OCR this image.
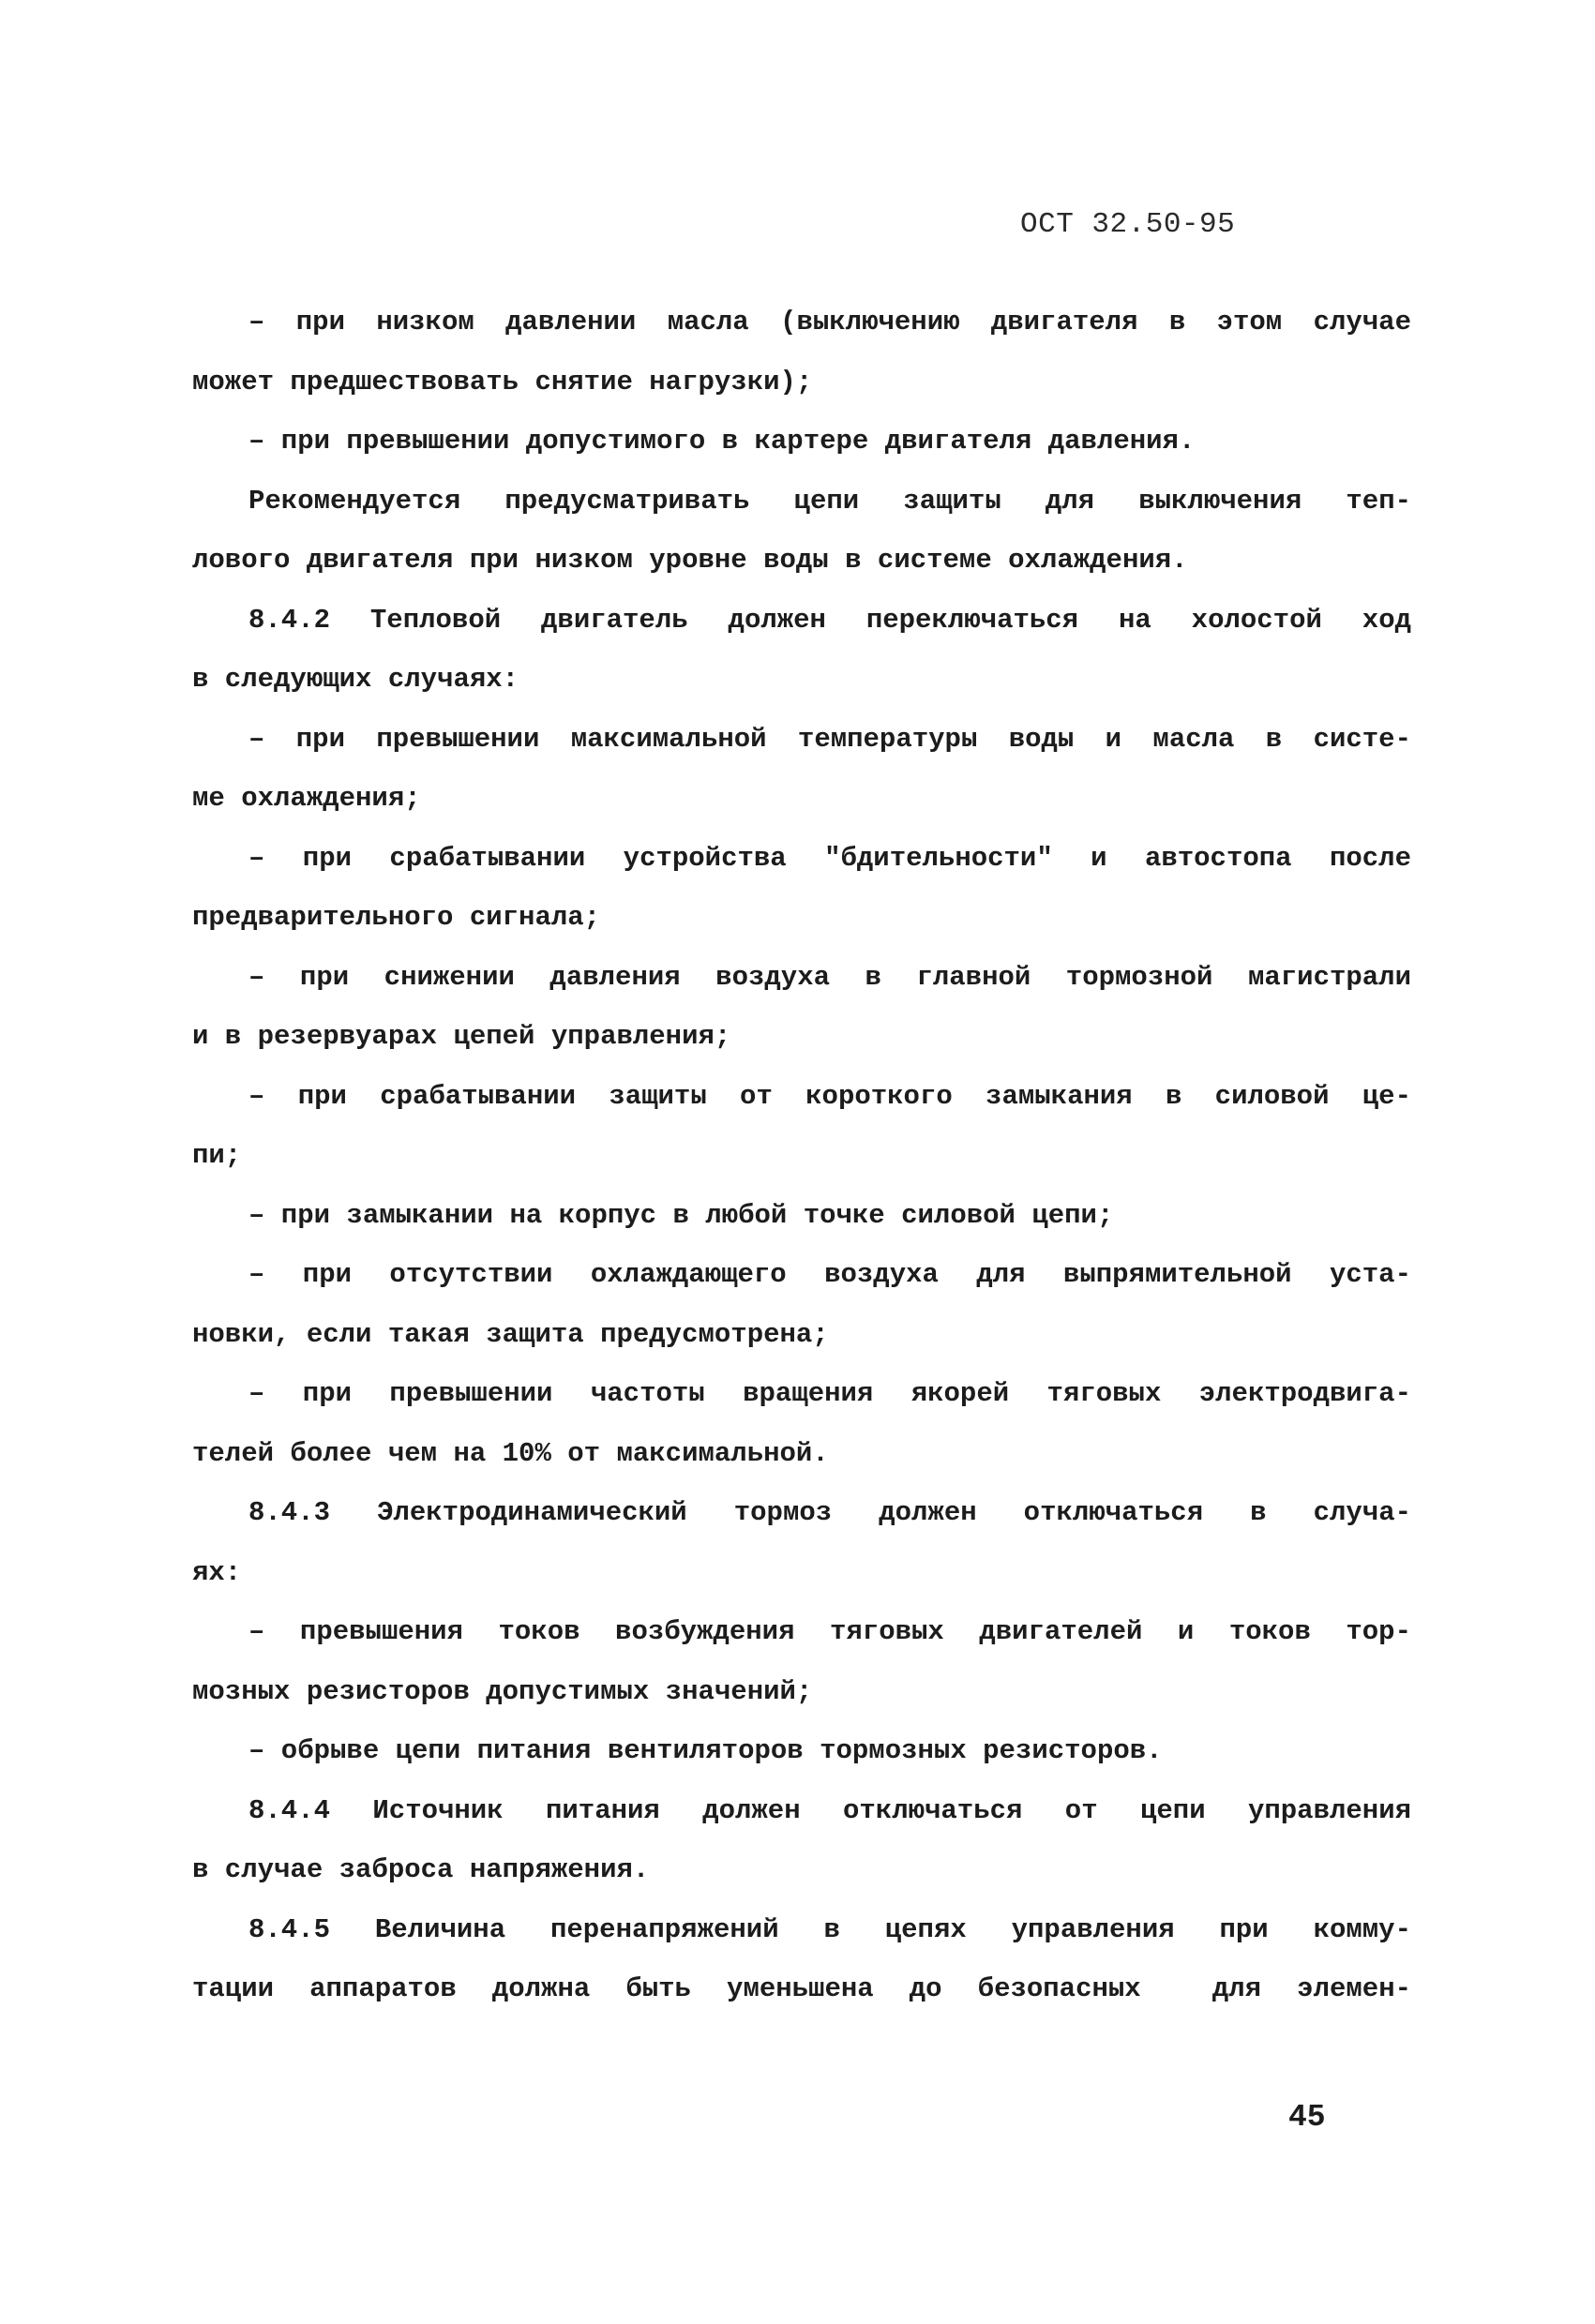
ОСТ 32.50-95
– при низком давлении масла (выключению двигателя в этом случае
может предшествовать снятие нагрузки);
– при превышении допустимого в картере двигателя давления.
Рекомендуется предусматривать цепи защиты для выключения теп-
лового двигателя при низком уровне воды в системе охлаждения.
8.4.2 Тепловой двигатель должен переключаться на холостой ход
в следующих случаях:
– при превышении максимальной температуры воды и масла в систе-
ме охлаждения;
– при срабатывании устройства "бдительности" и автостопа после
предварительного сигнала;
– при снижении давления воздуха в главной тормозной магистрали
и в резервуарах цепей управления;
– при срабатывании защиты от короткого замыкания в силовой це-
пи;
– при замыкании на корпус в любой точке силовой цепи;
– при отсутствии охлаждающего воздуха для выпрямительной уста-
новки, если такая защита предусмотрена;
– при превышении частоты вращения якорей тяговых электродвига-
телей более чем на 10% от максимальной.
8.4.3 Электродинамический тормоз должен отключаться в случа-
ях:
– превышения токов возбуждения тяговых двигателей и токов тор-
мозных резисторов допустимых значений;
– обрыве цепи питания вентиляторов тормозных резисторов.
8.4.4 Источник питания должен отключаться от цепи управления
в случае заброса напряжения.
8.4.5 Величина перенапряжений в цепях управления при комму-
тации аппаратов должна быть уменьшена до безопасных  для элемен-
45
